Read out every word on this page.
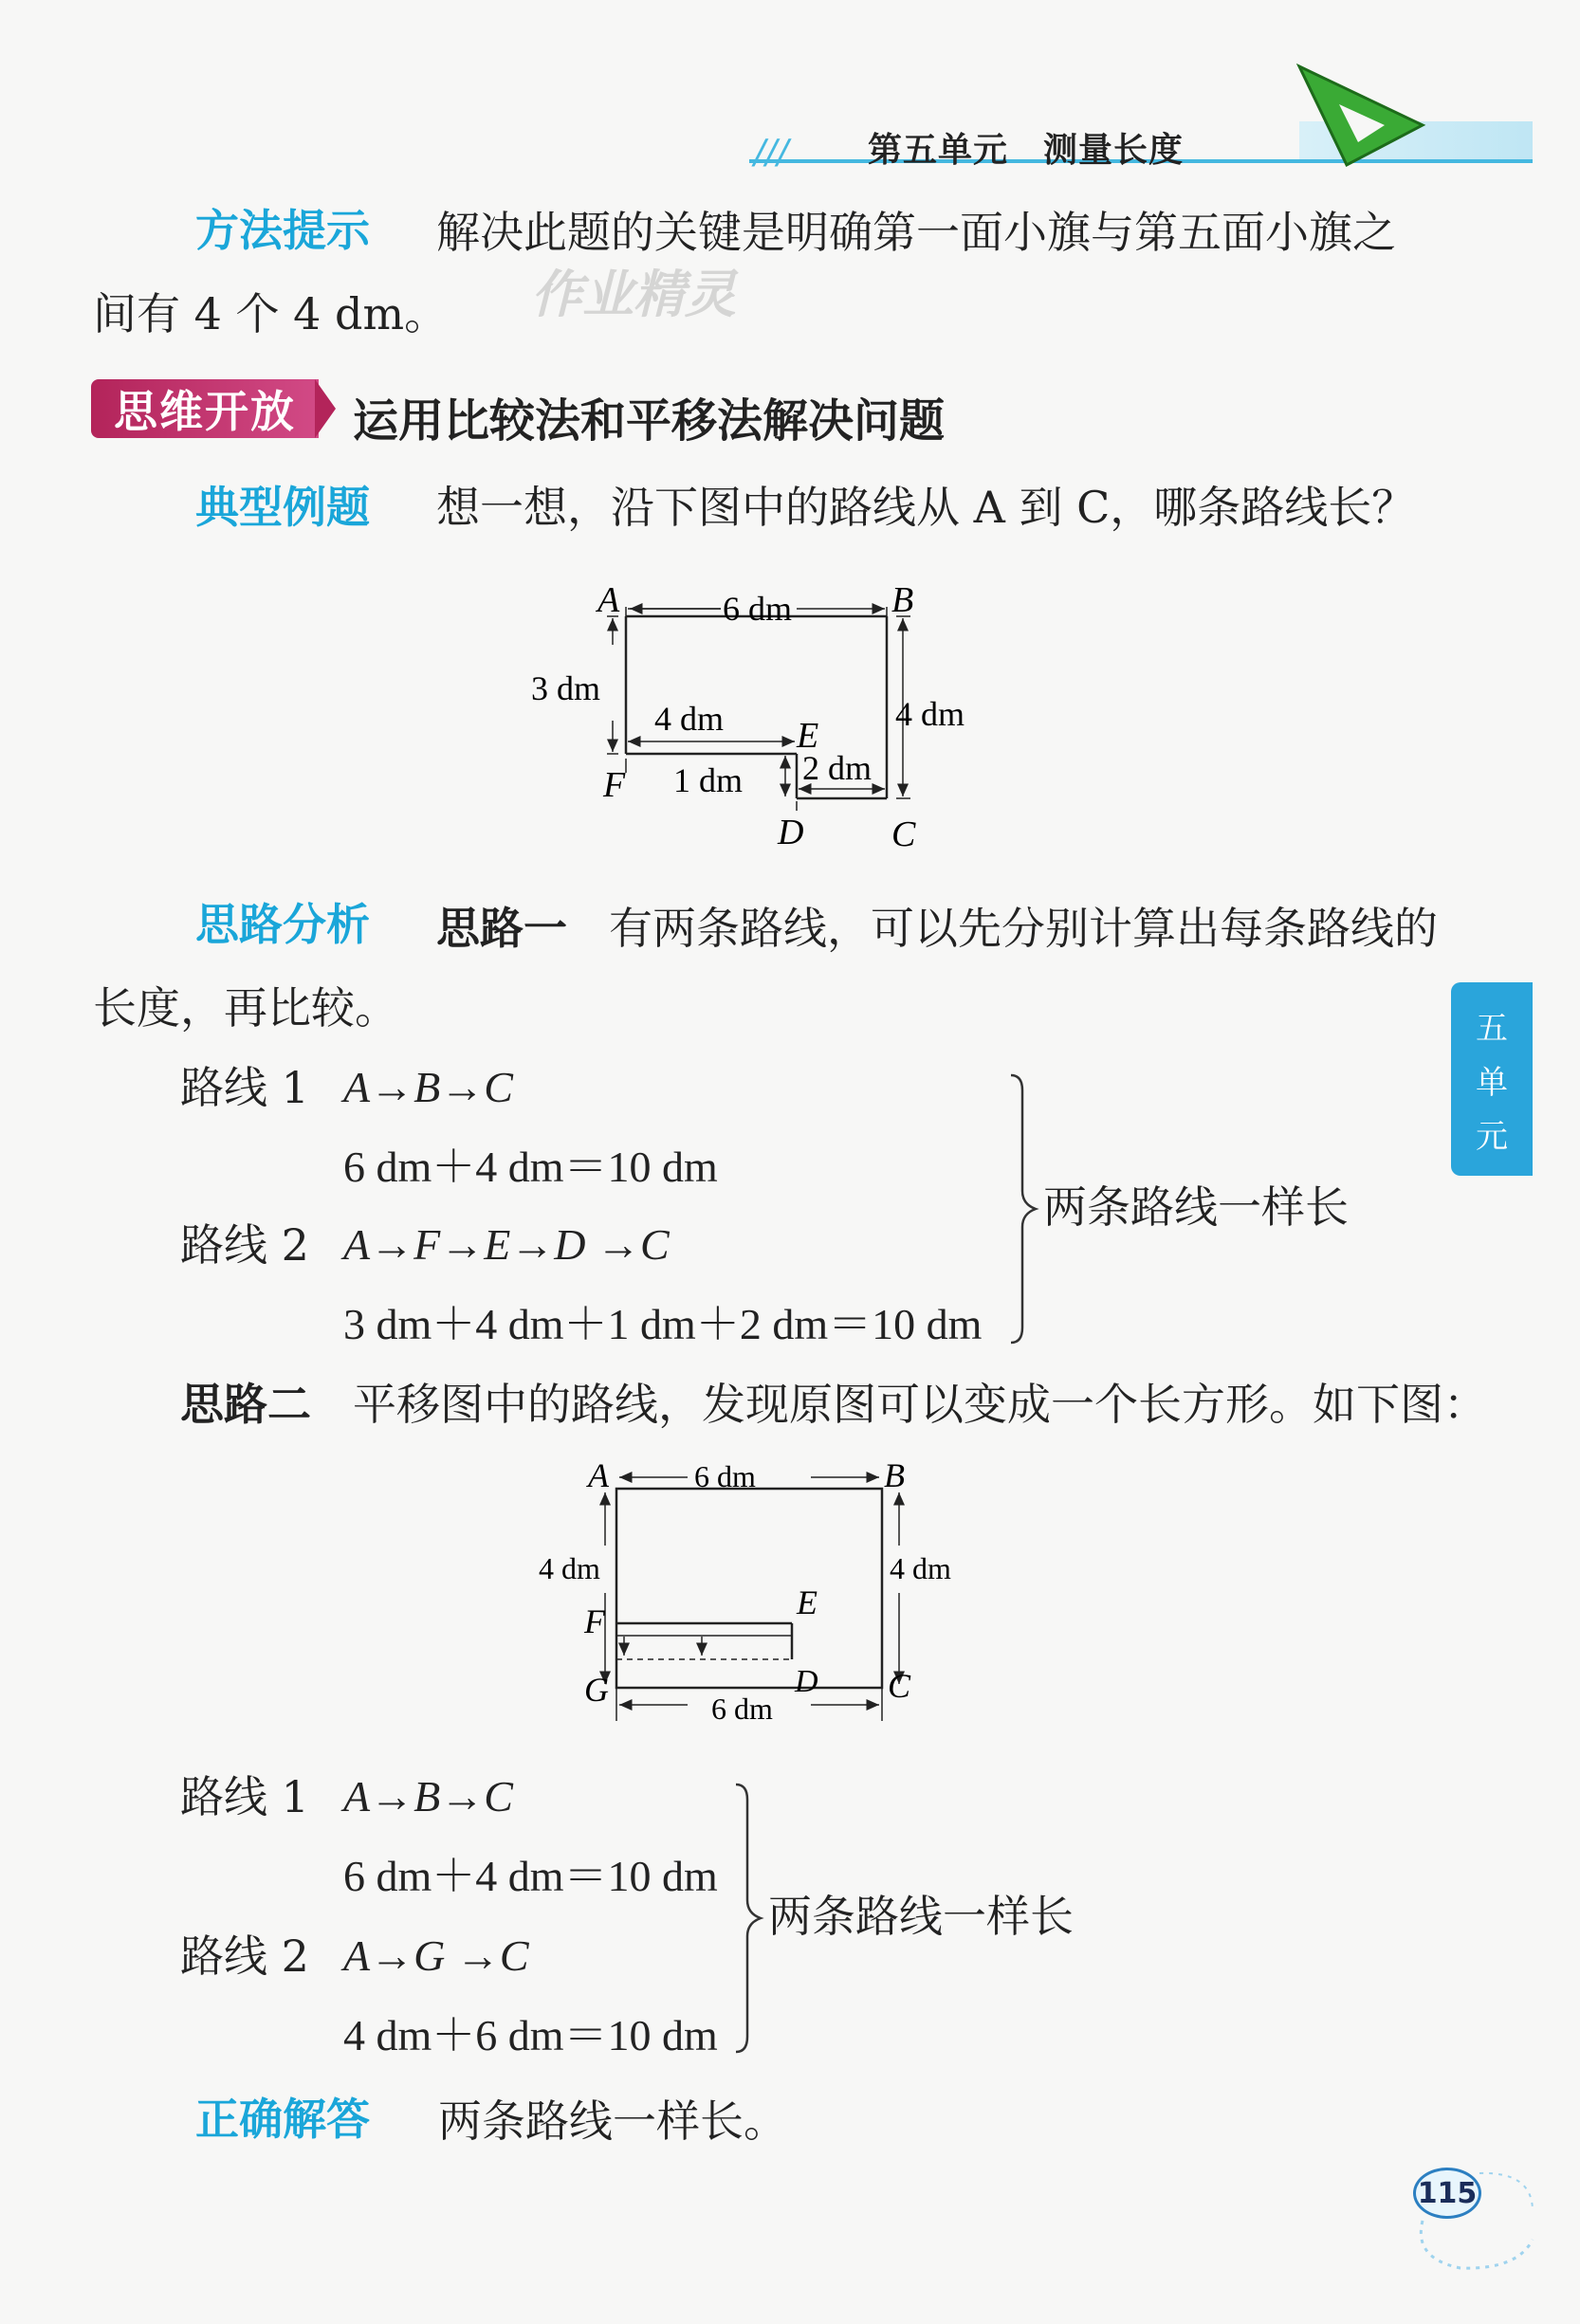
/// 第五单元　测量长度
方法提示 解决此题的关键是明确第一面小旗与第五面小旗之
间有 4 个 4 dm。 作业精灵
思维开放	运用比较法和平移法解决问题
典型例题 想一想，沿下图中的路线从 A 到 C，哪条路线长？
A	B
C
D
E
F
6 dm
3 dm
4 dm
4 dm
1 dm 2 dm
思路分析 思路一 有两条路线，可以先分别计算出每条路线的
长度，再比较。
路线 1 A→B→C
6 dm＋4 dm＝10 dm
路线 2 A→F→E→D →C
3 dm＋4 dm＋1 dm＋2 dm＝10 dm
两条路线一样长
思路二 平移图中的路线，发现原图可以变成一个长方形。如下图：
A	B
C
D
E
F
G
6 dm
4 dm	4 dm
6 dm
路线 1 A→B→C
6 dm＋4 dm＝10 dm
路线 2 A→G →C
4 dm＋6 dm＝10 dm
两条路线一样长
正确解答 两条路线一样长。
五
单
元
115
